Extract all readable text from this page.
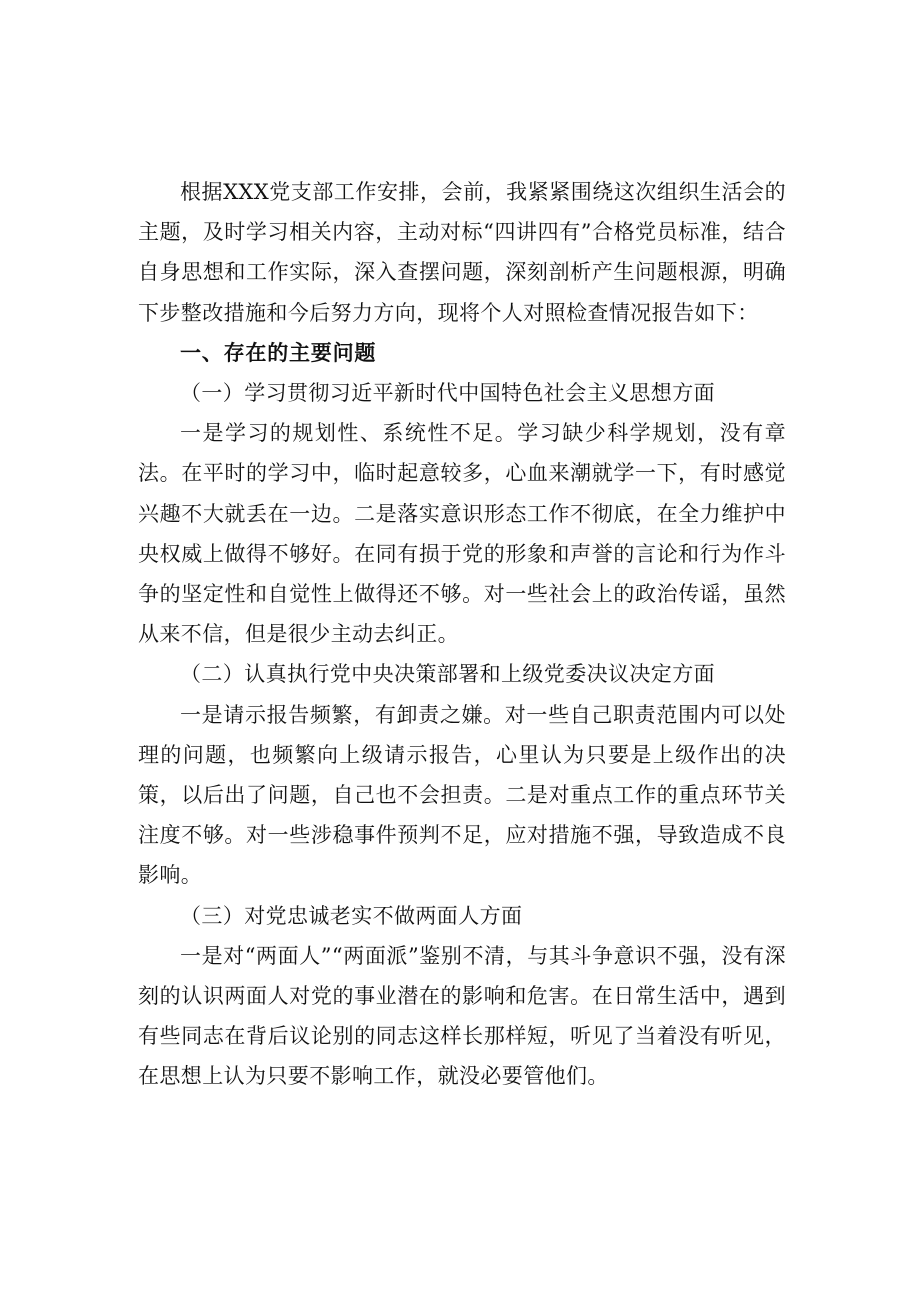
根据XXX党支部工作安排，会前，我紧紧围绕这次组织生活会的主题，及时学习相关内容，主动对标“四讲四有”合格党员标准，结合自身思想和工作实际，深入查摆问题，深刻剖析产生问题根源，明确下步整改措施和今后努力方向，现将个人对照检查情况报告如下：

一、存在的主要问题

（一）学习贯彻习近平新时代中国特色社会主义思想方面

一是学习的规划性、系统性不足。学习缺少科学规划，没有章法。在平时的学习中，临时起意较多，心血来潮就学一下，有时感觉兴趣不大就丢在一边。二是落实意识形态工作不彻底，在全力维护中央权威上做得不够好。在同有损于党的形象和声誉的言论和行为作斗争的坚定性和自觉性上做得还不够。对一些社会上的政治传谣，虽然从来不信，但是很少主动去纠正。

（二）认真执行党中央决策部署和上级党委决议决定方面

一是请示报告频繁，有卸责之嫌。对一些自己职责范围内可以处理的问题，也频繁向上级请示报告，心里认为只要是上级作出的决策，以后出了问题，自己也不会担责。二是对重点工作的重点环节关注度不够。对一些涉稳事件预判不足，应对措施不强，导致造成不良影响。

（三）对党忠诚老实不做两面人方面

一是对“两面人”“两面派”鉴别不清，与其斗争意识不强，没有深刻的认识两面人对党的事业潜在的影响和危害。在日常生活中，遇到有些同志在背后议论别的同志这样长那样短，听见了当着没有听见，在思想上认为只要不影响工作，就没必要管他们。
